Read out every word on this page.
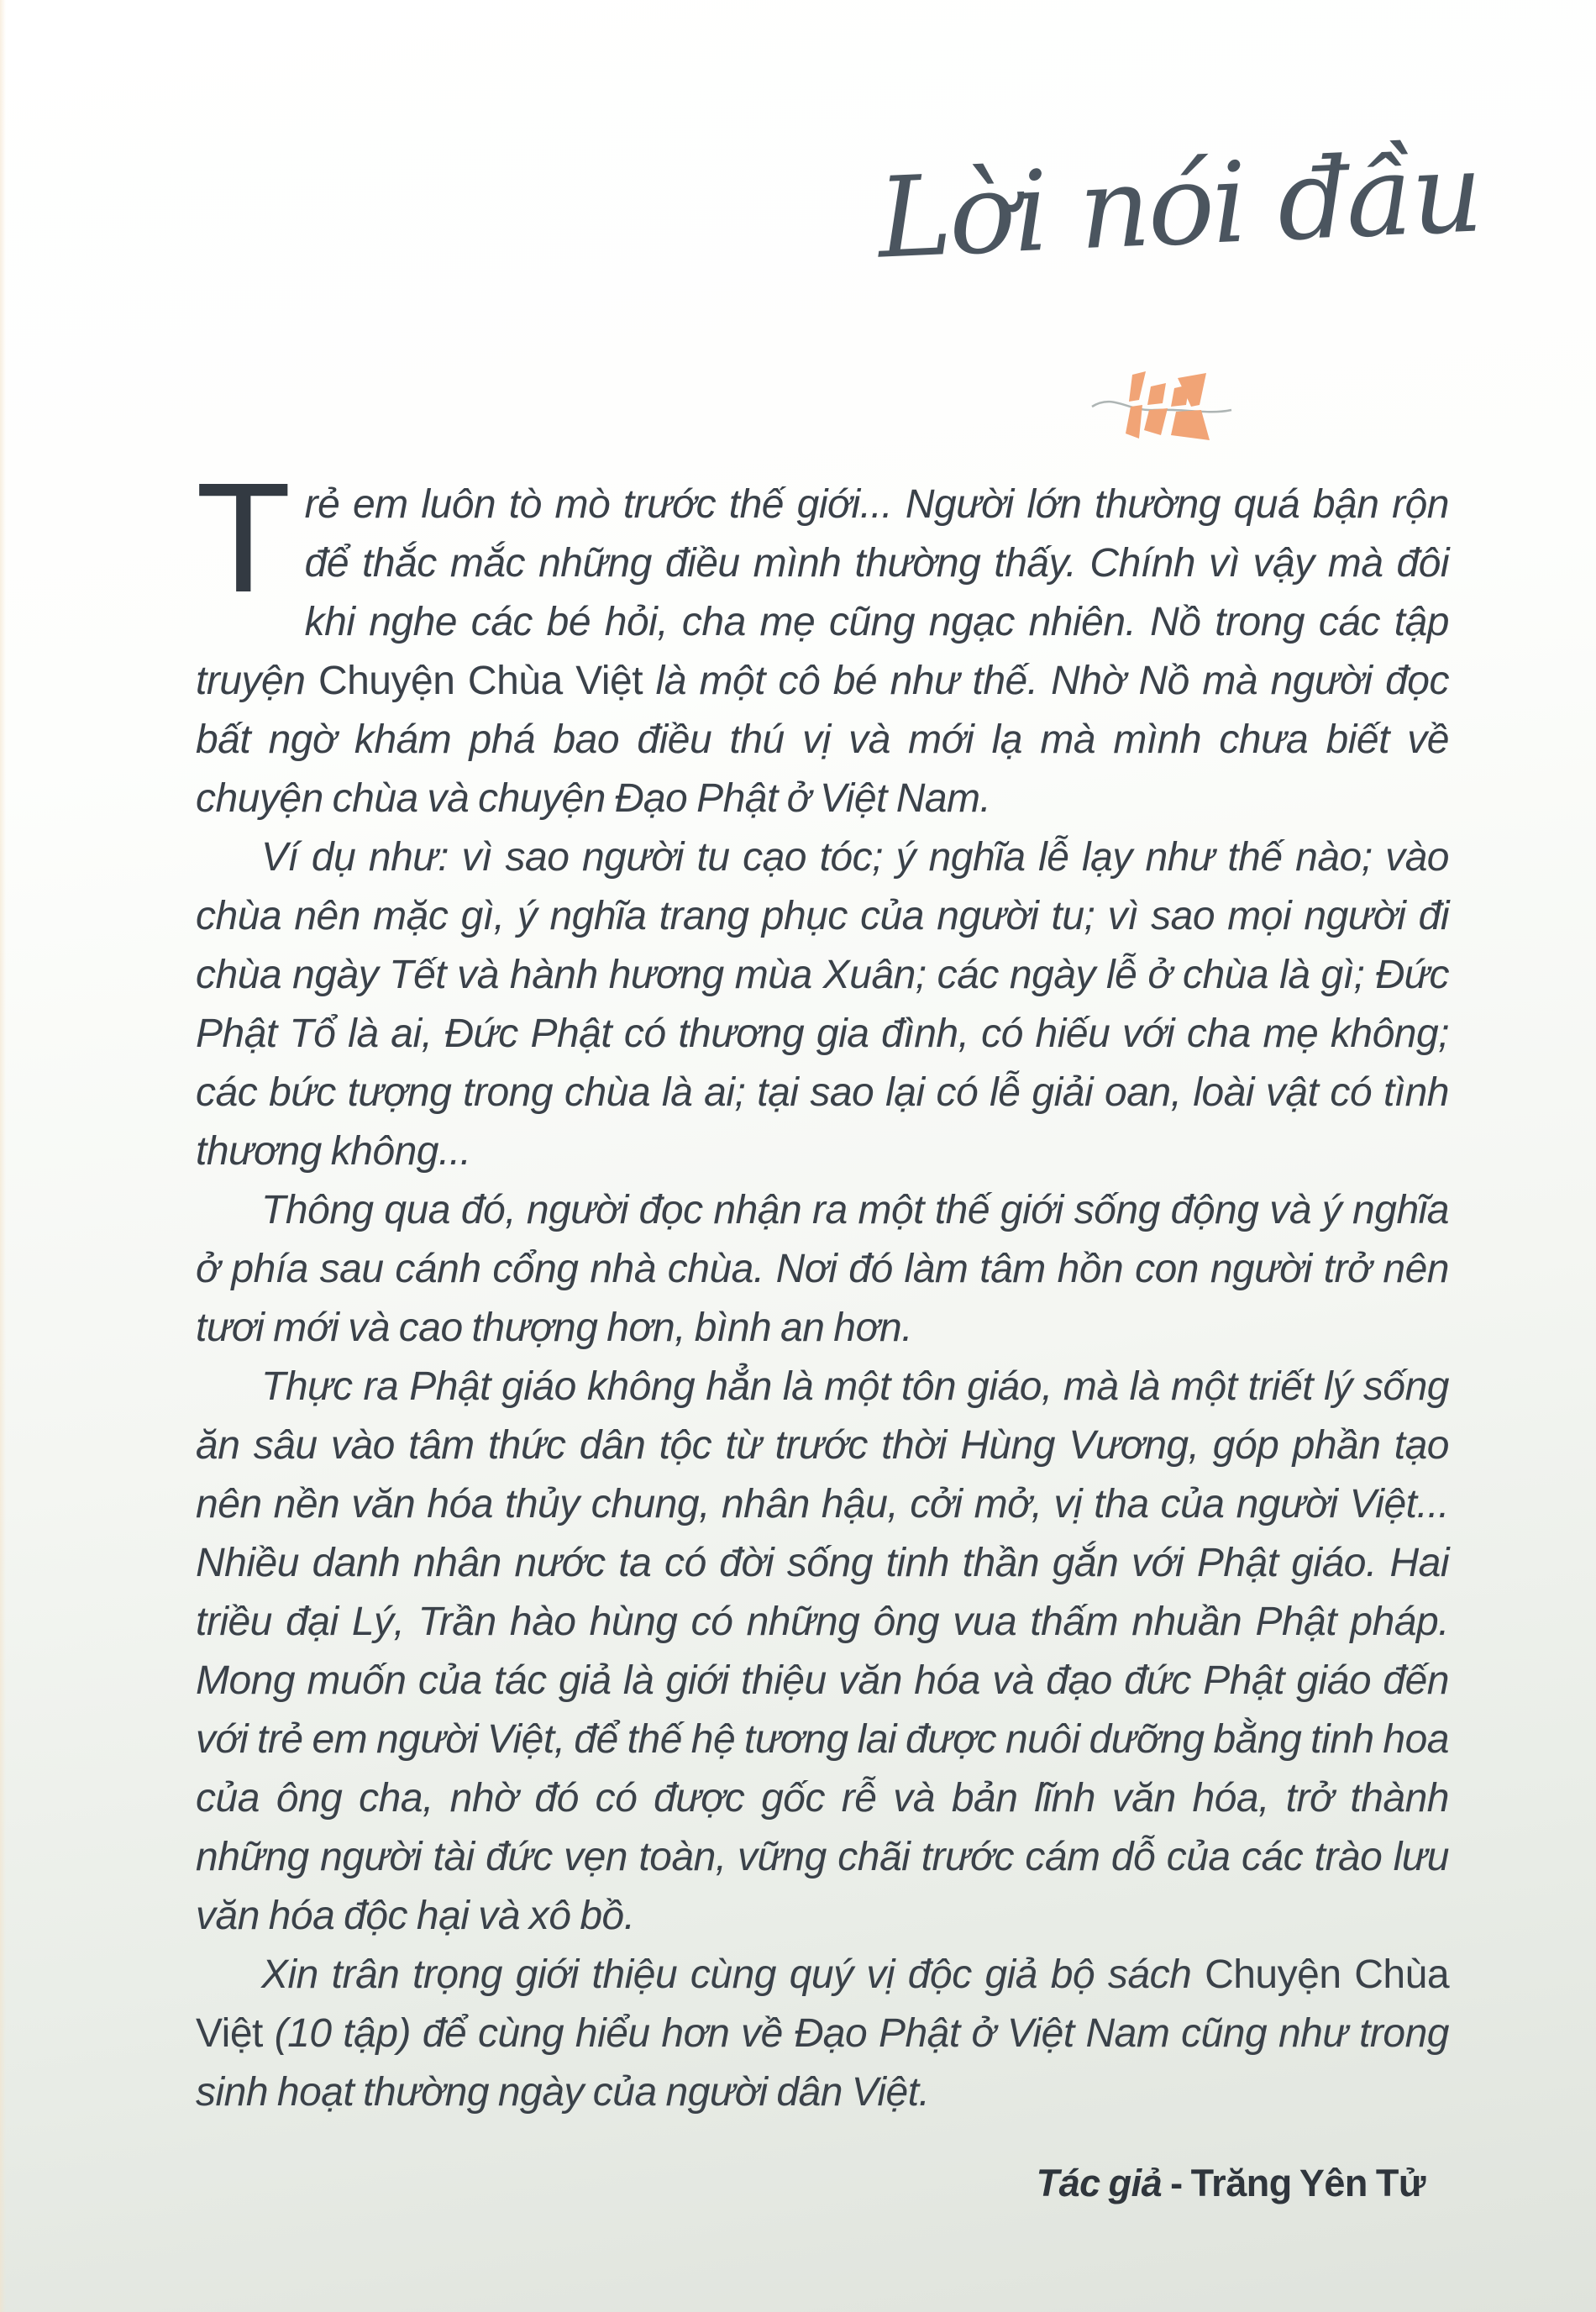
Lời nói đầu

Trẻ em luôn tò mò trước thế giới... Người lớn thường quá bận rộn để thắc mắc những điều mình thường thấy. Chính vì vậy mà đôi khi nghe các bé hỏi, cha mẹ cũng ngạc nhiên. Nồ trong các tập truyện Chuyện Chùa Việt là một cô bé như thế. Nhờ Nồ mà người đọc bất ngờ khám phá bao điều thú vị và mới lạ mà mình chưa biết về chuyện chùa và chuyện Đạo Phật ở Việt Nam.

Ví dụ như: vì sao người tu cạo tóc; ý nghĩa lễ lạy như thế nào; vào chùa nên mặc gì, ý nghĩa trang phục của người tu; vì sao mọi người đi chùa ngày Tết và hành hương mùa Xuân; các ngày lễ ở chùa là gì; Đức Phật Tổ là ai, Đức Phật có thương gia đình, có hiếu với cha mẹ không; các bức tượng trong chùa là ai; tại sao lại có lễ giải oan, loài vật có tình thương không...

Thông qua đó, người đọc nhận ra một thế giới sống động và ý nghĩa ở phía sau cánh cổng nhà chùa. Nơi đó làm tâm hồn con người trở nên tươi mới và cao thượng hơn, bình an hơn.

Thực ra Phật giáo không hẳn là một tôn giáo, mà là một triết lý sống ăn sâu vào tâm thức dân tộc từ trước thời Hùng Vương, góp phần tạo nên nền văn hóa thủy chung, nhân hậu, cởi mở, vị tha của người Việt... Nhiều danh nhân nước ta có đời sống tinh thần gắn với Phật giáo. Hai triều đại Lý, Trần hào hùng có những ông vua thấm nhuần Phật pháp. Mong muốn của tác giả là giới thiệu văn hóa và đạo đức Phật giáo đến với trẻ em người Việt, để thế hệ tương lai được nuôi dưỡng bằng tinh hoa của ông cha, nhờ đó có được gốc rễ và bản lĩnh văn hóa, trở thành những người tài đức vẹn toàn, vững chãi trước cám dỗ của các trào lưu văn hóa độc hại và xô bồ.

Xin trân trọng giới thiệu cùng quý vị độc giả bộ sách Chuyện Chùa Việt (10 tập) để cùng hiểu hơn về Đạo Phật ở Việt Nam cũng như trong sinh hoạt thường ngày của người dân Việt.

Tác giả - Trăng Yên Tử
